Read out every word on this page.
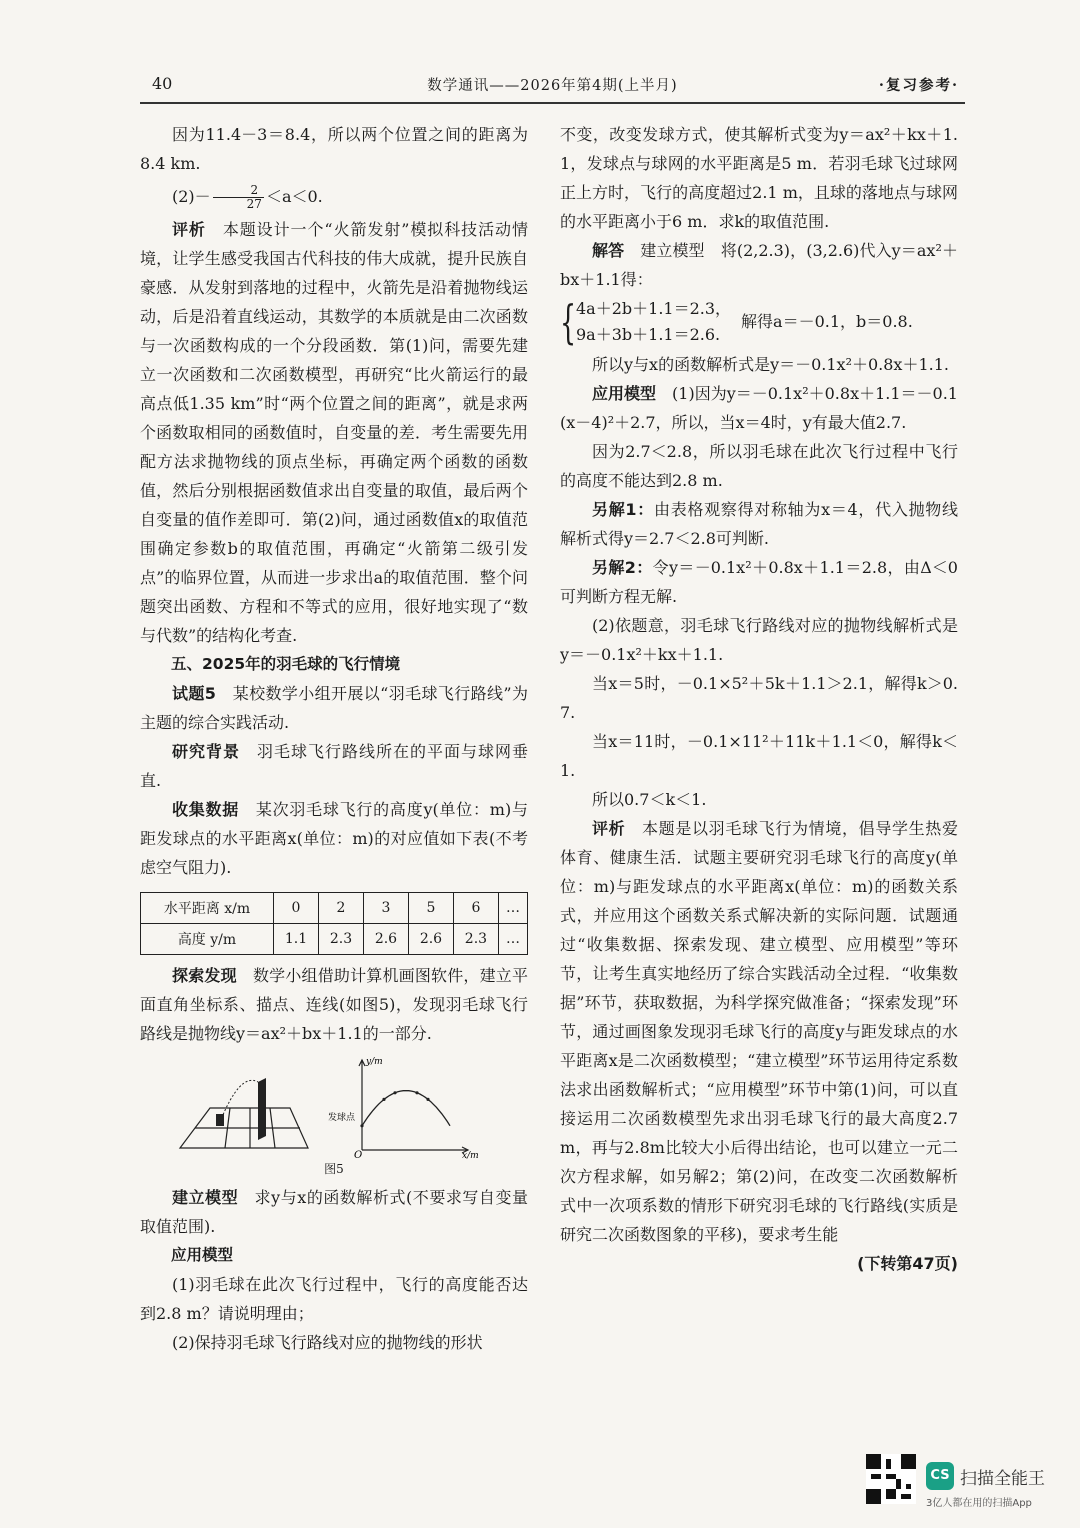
40	数学通讯——2026年第4期(上半月)	·复习参考·

因为11.4－3＝8.4，所以两个位置之间的距离为8.4 km.

$(2)- \frac{2}{27} <a<0$.

评析　 本题设计一个“火箭发射”模拟科技活动情境，让学生感受我国古代科技的伟大成就，提升民族自豪感．从发射到落地的过程中，火箭先是沿着抛物线运动，后是沿着直线运动，其数学的本质就是由二次函数与一次函数构成的一个分段函数．第(1)问，需要先建立一次函数和二次函数模型，再研究“比火箭运行的最高点低1.35 km”时“两个位置之间的距离”，就是求两个函数取相同的函数值时，自变量的差．考生需要先用配方法求抛物线的顶点坐标，再确定两个函数的函数值，然后分别根据函数值求出自变量的取值，最后两个自变量的值作差即可．第(2)问，通过函数值x的取值范围确定参数b的取值范围，再确定“火箭第二级引发点”的临界位置，从而进一步求出a的取值范围．整个问题突出函数、方程和不等式的应用，很好地实现了“数与代数”的结构化考查.

五、2025年的羽毛球的飞行情境

试题5　 某校数学小组开展以“羽毛球飞行路线”为主题的综合实践活动.

研究背景　 羽毛球飞行路线所在的平面与球网垂直.

收集数据　 某次羽毛球飞行的高度y(单位：m)与距发球点的水平距离x(单位：m)的对应值如下表(不考虑空气阻力).

水平距离 x/m	0	2	3	5	6	…
高度 y/m	1.1	2.3	2.6	2.6	2.3	…

探索发现　 数学小组借助计算机画图软件，建立平面直角坐标系、描点、连线(如图5)，发现羽毛球飞行路线是抛物线y＝ax²＋bx＋1.1的一部分.

y/m
x/m
O
发球点

图5

建立模型　 求y与x的函数解析式(不要求写自变量取值范围).

应用模型

(1)羽毛球在此次飞行过程中，飞行的高度能否达到2.8 m？请说明理由；

(2)保持羽毛球飞行路线对应的抛物线的形状

不变，改变发球方式，使其解析式变为y＝ax²＋kx＋1.1，发球点与球网的水平距离是5 m．若羽毛球飞过球网正上方时，飞行的高度超过2.1 m，且球的落地点与球网的水平距离小于6 m．求k的取值范围.

解答　 建立模型　将(2,2.3)，(3,2.6)代入y＝ax²＋bx＋1.1得：

{ 4a＋2b＋1.1＝2.3，
9a＋3b＋1.1＝2.6.
解得a＝－0.1，b＝0.8.

所以y与x的函数解析式是y＝－0.1x²＋0.8x＋1.1.

应用模型　 (1)因为y＝－0.1x²＋0.8x＋1.1＝－0.1(x－4)²＋2.7，所以，当x＝4时，y有最大值2.7.

因为2.7＜2.8，所以羽毛球在此次飞行过程中飞行的高度不能达到2.8 m.

另解1：由表格观察得对称轴为x＝4，代入抛物线解析式得y＝2.7＜2.8可判断.

另解2：令y＝－0.1x²＋0.8x＋1.1＝2.8，由Δ＜0可判断方程无解.

(2)依题意，羽毛球飞行路线对应的抛物线解析式是y＝－0.1x²＋kx＋1.1.

当x＝5时，－0.1×5²＋5k＋1.1＞2.1，解得k＞0.7.

当x＝11时，－0.1×11²＋11k＋1.1＜0，解得k＜1.

所以0.7＜k＜1.

评析　 本题是以羽毛球飞行为情境，倡导学生热爱体育、健康生活．试题主要研究羽毛球飞行的高度y(单位：m)与距发球点的水平距离x(单位：m)的函数关系式，并应用这个函数关系式解决新的实际问题．试题通过“收集数据、探索发现、建立模型、应用模型”等环节，让考生真实地经历了综合实践活动全过程．“收集数据”环节，获取数据，为科学探究做准备；“探索发现”环节，通过画图象发现羽毛球飞行的高度y与距发球点的水平距离x是二次函数模型；“建立模型”环节运用待定系数法求出函数解析式；“应用模型”环节中第(1)问，可以直接运用二次函数模型先求出羽毛球飞行的最大高度2.7m，再与2.8m比较大小后得出结论，也可以建立一元二次方程求解，如另解2；第(2)问，在改变二次函数解析式中一次项系数的情形下研究羽毛球的飞行路线(实质是研究二次函数图象的平移)，要求考生能

(下转第47页)

CS 扫描全能王
3亿人都在用的扫描App
